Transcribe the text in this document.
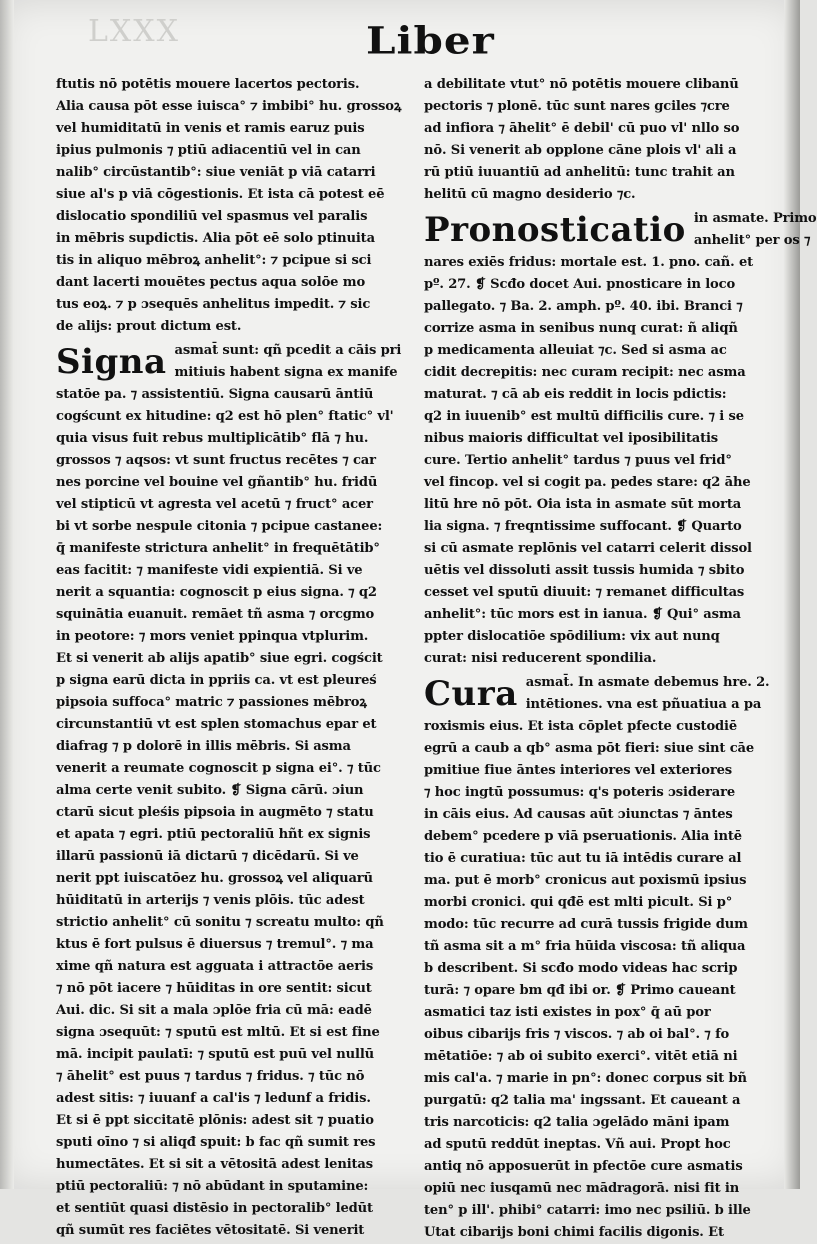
LXXX	Liber
ftutis nō potētis mouere lacertos pectoris.
Alia causa pōt esse iuisca° ⁊ imbibi° hu. grossoꝝ
vel humiditatū in venis et ramis earuz puis
ipius pulmonis ⁊ ptiū adiacentiū vel in can
nalib° circūstantib°: siue veniāt p viā catarri
siue al's p viā cōgestionis. Et ista cā potest eē
dislocatio spondiliū vel spasmus vel paralis
in mēbris supdictis. Alia pōt eē solo ptinuita
tis in aliquo mēbroꝝ anhelit°: ⁊ pcipue si sci
dant lacerti mouētes pectus aqua solōe mo
tus eoꝝ. ⁊ p ɔsequēs anhelitus impedit. ⁊ sic
de alijs: prout dictum est.
Signa asmat̄ sunt: qñ pcedit a cāis pri
mitiuis habent signa ex manife
statōe pa. ⁊ assistentiū. Signa causarū āntiū
cogścunt ex hitudine: q2 est hō plen° ftatic° vl'
quia visus fuit rebus multiplicātib° flā ⁊ hu.
grossos ⁊ aqsos: vt sunt fructus recētes ⁊ car
nes porcine vel bouine vel gñantib° hu. fridū
vel stipticū vt agresta vel acetū ⁊ fruct° acer
bi vt sorbe nespule citonia ⁊ pcipue castanee:
q̄ manifeste strictura anhelit° in frequētātib°
eas facitit: ⁊ manifeste vidi expientiā. Si ve
nerit a squantia: cognoscit p eius signa. ⁊ q2
squinātia euanuit. remāet tñ asma ⁊ orcgmo
in peotore: ⁊ mors veniet ppinqua vtplurim.
Et si venerit ab alijs apatib° siue egri. cogścit
p signa earū dicta in ppriis ca. vt est pleureś
pipsoia suffoca° matric ⁊ passiones mēbroꝝ
circunstantiū vt est splen stomachus epar et
diafrag ⁊ p dolorē in illis mēbris. Si asma
venerit a reumate cognoscit p signa ei°. ⁊ tūc
alma certe venit subito. ❡ Signa cārū. ɔiun
ctarū sicut pleśis pipsoia in augmēto ⁊ statu
et apata ⁊ egri. ptiū pectoraliū hñt ex signis
illarū passionū iā dictarū ⁊ dicēdarū. Si ve
nerit ppt iuiscatōez hu. grossoꝝ vel aliquarū
hūiditatū in arterijs ⁊ venis plōis. tūc adest
strictio anhelit° cū sonitu ⁊ screatu multo: qñ
ktus ē fort pulsus ē diuersus ⁊ tremul°. ⁊ ma
xime qñ natura est agguata i attractōe aeris
⁊ nō pōt iacere ⁊ hūiditas in ore sentit: sicut
Aui. dic. Si sit a mala ɔplōe fria cū mā: eadē
signa ɔsequūt: ⁊ sputū est mltū. Et si est fine
mā. incipit paulatī: ⁊ sputū est puū vel nullū
⁊ āhelit° est puus ⁊ tardus ⁊ fridus. ⁊ tūc nō
adest sitis: ⁊ iuuanf a cal'is ⁊ ledunf a fridis.
Et si ē ppt siccitatē plōnis: adest sit ⁊ puatio
sputi oīno ⁊ si aliqđ spuit: b fac qñ sumit res
humectātes. Et si sit a vētositā adest lenitas
ptiū pectoraliū: ⁊ nō abūdant in sputamine:
et sentiūt quasi distēsio in pectoralib° ledūt
qñ sumūt res faciētes vētositatē. Si venerit
a debilitate vtut° nō potētis mouere clibanū
pectoris ⁊ plonē. tūc sunt nares gciles ⁊cre
ad infiora ⁊ āhelit° ē debil' cū puo vl' nllo so
nō. Si venerit ab opplone cāne plois vl' ali a
rū ptiū iuuantiū ad anhelitū: tunc trahit an
helitū cū magno desiderio ⁊c.
Pronosticatio in asmate. Primo
anhelit° per os ⁊
nares exiēs fridus: mortale est. 1. pno. cañ. et
pº. 27. ❡ Scđo docet Aui. pnosticare in loco
pallegato. ⁊ Ba. 2. amph. pº. 40. ibi. Branci ⁊
corrize asma in senibus nunq curat: ñ aliqñ
p medicamenta alleuiat ⁊c. Sed si asma ac
cidit decrepitis: nec curam recipit: nec asma
maturat. ⁊ cā ab eis reddit in locis pdictis:
q2 in iuuenib° est multū difficilis cure. ⁊ i se
nibus maioris difficultat vel iposibilitatis
cure. Tertio anhelit° tardus ⁊ puus vel frid°
vel fincop. vel si cogit pa. pedes stare: q2 āhe
litū hre nō pōt. Oia ista in asmate sūt morta
lia signa. ⁊ freqntissime suffocant. ❡ Quarto
si cū asmate replōnis vel catarri celerit dissol
uētis vel dissoluti assit tussis humida ⁊ sbito
cesset vel sputū diuuit: ⁊ remanet difficultas
anhelit°: tūc mors est in ianua. ❡ Qui° asma
ppter dislocatiōe spōdilium: vix aut nunq
curat: nisi reducerent spondilia.
Cura asmat̄. In asmate debemus hre. 2.
intētiones. vna est pñuatiua a pa
roxismis eius. Et ista cōplet pfecte custodiē
egrū a caub a qb° asma pōt fieri: siue sint cāe
pmitiue fiue āntes interiores vel exteriores
⁊ hoc ingtū possumus: q's poteris ɔsiderare
in cāis eius. Ad causas aūt ɔiunctas ⁊ āntes
debem° pcedere p viā pseruationis. Alia intē
tio ē curatiua: tūc aut tu iā intēdis curare al
ma. put ē morb° cronicus aut poxismū ipsius
morbi cronici. qui qđē est mlti picult. Si p°
modo: tūc recurre ad curā tussis frigide dum
tñ asma sit a m° fria hūida viscosa: tñ aliqua
b describent. Si scđo modo videas hac scrip
turā: ⁊ opare bm qđ ibi or. ❡ Primo caueant
asmatici taz isti existes in pox° q̄ aū por
oibus cibarijs fris ⁊ viscos. ⁊ ab oi bal°. ⁊ fo
mētatiōe: ⁊ ab oi subito exerci°. vitēt etiā ni
mis cal'a. ⁊ marie in pn°: donec corpus sit bñ
purgatū: q2 talia ma' ingssant. Et caueant a
tris narcoticis: q2 talia ɔgelādo māni ipam
ad sputū reddūt ineptas. Vñ aui. Propt hoc
antiq nō apposuerūt in pfectōe cure asmatis
opiū nec iusqamū nec mādragorā. nisi fit in
ten° p ill'. phibi° catarri: imo nec psiliū. b ille
Utat cibarijs boni chimi facilis digonis. Et
